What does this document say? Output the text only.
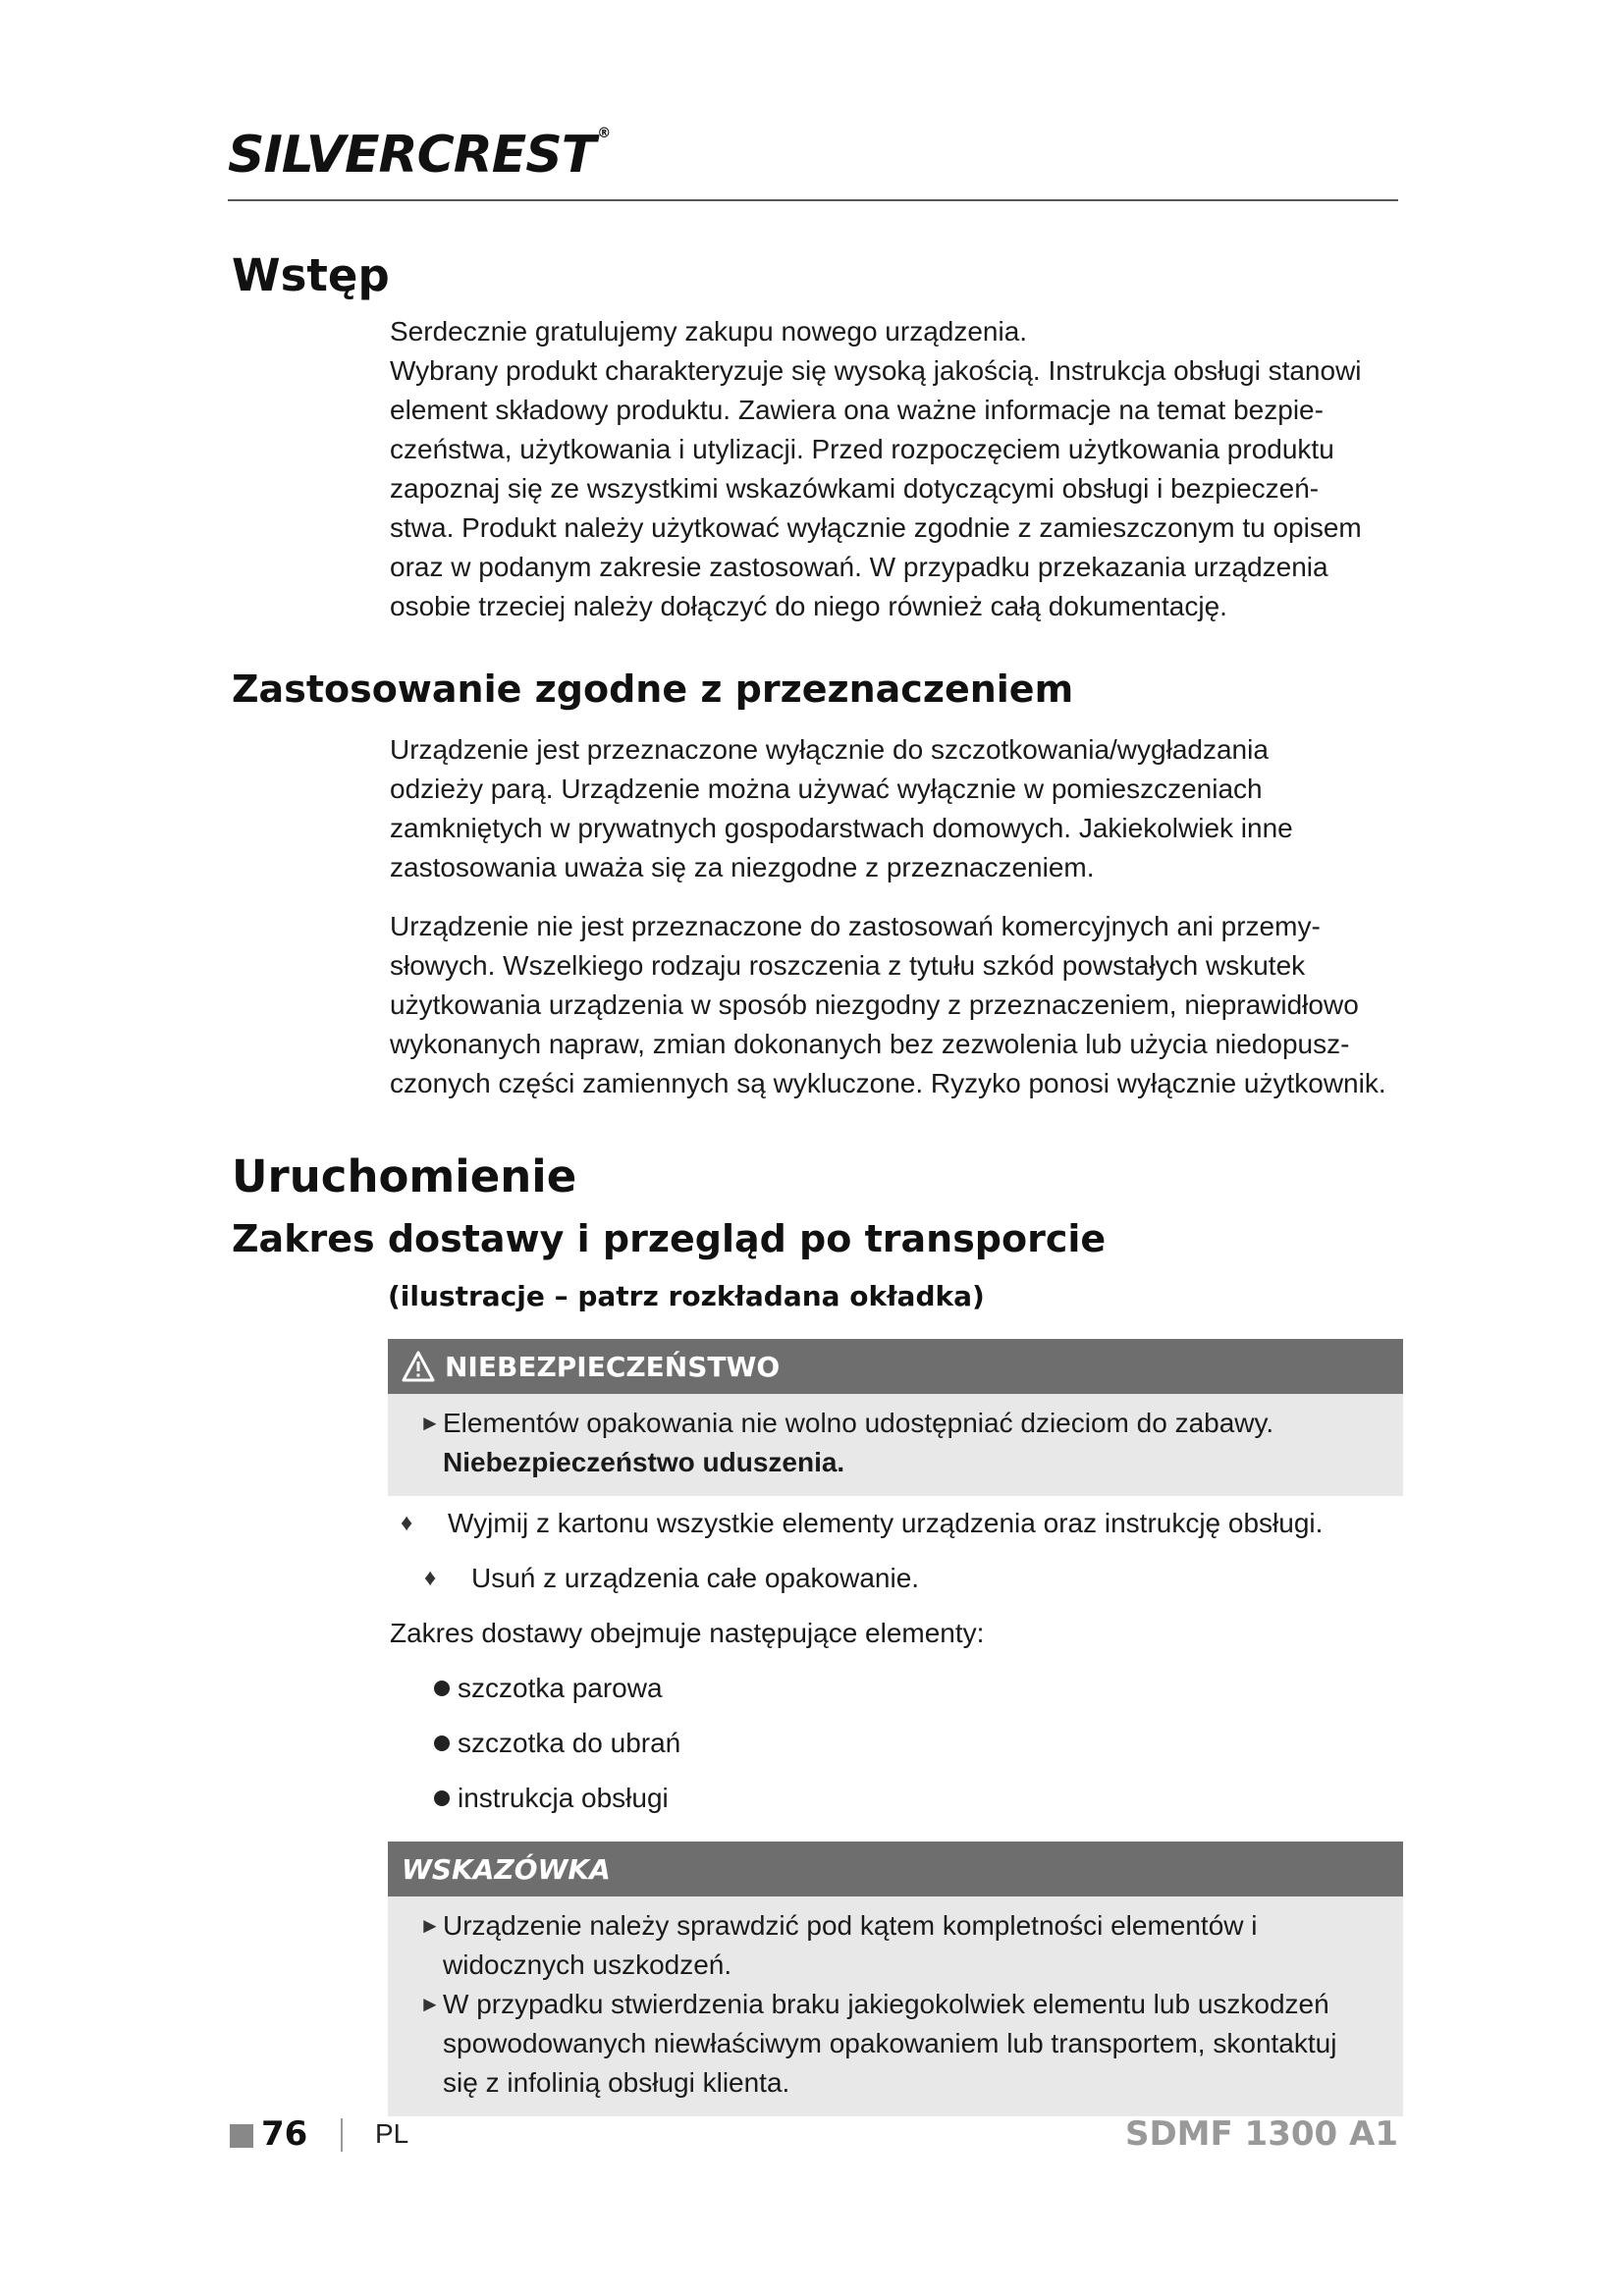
SILVERCREST ®
Wstęp

Serdecznie gratulujemy zakupu nowego urządzenia.

Wybrany produkt charakteryzuje się wysoką jakością. Instrukcja obsługi stanowi

element składowy produktu. Zawiera ona ważne informacje na temat bezpie-

czeństwa, użytkowania i utylizacji. Przed rozpoczęciem użytkowania produktu

zapoznaj się ze wszystkimi wskazówkami dotyczącymi obsługi i bezpieczeń-

stwa. Produkt należy użytkować wyłącznie zgodnie z zamieszczonym tu opisem

oraz w podanym zakresie zastosowań. W przypadku przekazania urządzenia

osobie trzeciej należy dołączyć do niego również całą dokumentację.

Zastosowanie zgodne z przeznaczeniem

Urządzenie jest przeznaczone wyłącznie do szczotkowania/wygładzania

odzieży parą. Urządzenie można używać wyłącznie w pomieszczeniach

zamkniętych w prywatnych gospodarstwach domowych. Jakiekolwiek inne

zastosowania uważa się za niezgodne z przeznaczeniem.

Urządzenie nie jest przeznaczone do zastosowań komercyjnych ani przemy-

słowych. Wszelkiego rodzaju roszczenia z tytułu szkód powstałych wskutek

użytkowania urządzenia w sposób niezgodny z przeznaczeniem, nieprawidłowo

wykonanych napraw, zmian dokonanych bez zezwolenia lub użycia niedopusz-

czonych części zamiennych są wykluczone. Ryzyko ponosi wyłącznie użytkownik.

Uruchomienie
Zakres dostawy i przegląd po transporcie
(ilustracje – patrz rozkładana okładka)
NIEBEZPIECZEŃSTWO
► Elementów opakowania nie wolno udostępniać dzieciom do zabawy.
Niebezpieczeństwo uduszenia.
♦ Wyjmij z kartonu wszystkie elementy urządzenia oraz instrukcję obsługi.
♦ Usuń z urządzenia całe opakowanie.
Zakres dostawy obejmuje następujące elementy:
szczotka parowa
szczotka do ubrań
instrukcja obsługi
WSKAZÓWKA
► Urządzenie należy sprawdzić pod kątem kompletności elementów i
widocznych uszkodzeń.
► W przypadku stwierdzenia braku jakiegokolwiek elementu lub uszkodzeń
spowodowanych niewłaściwym opakowaniem lub transportem, skontaktuj
się z infolinią obsługi klienta.
76 PL	SDMF 1300 A1
